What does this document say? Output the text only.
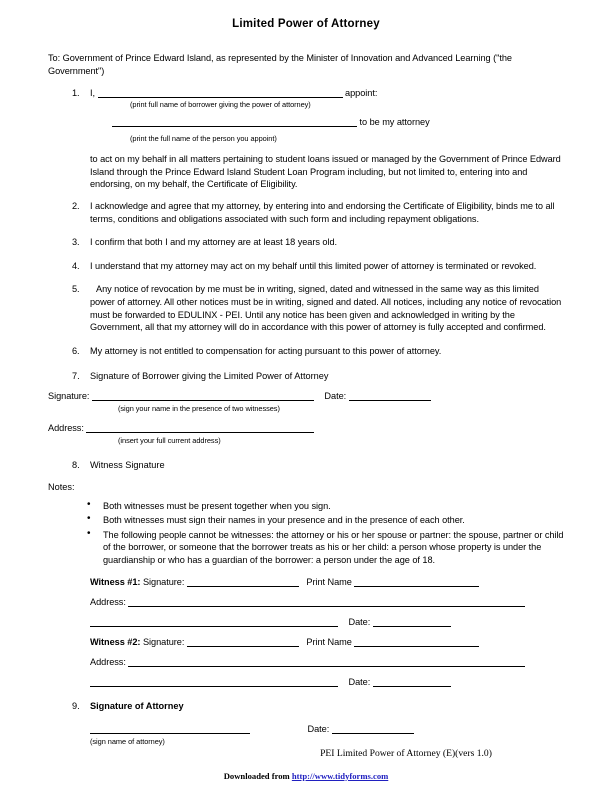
Limited Power of Attorney

To: Government of Prince Edward Island, as represented by the Minister of Innovation and Advanced Learning ("the Government")

1. I,	appoint:
(print full name of borrower giving the power of attorney)
to be my attorney
(print the full name of the person you appoint)

to act on my behalf in all matters pertaining to student loans issued or managed by the Government of Prince Edward Island through the Prince Edward Island Student Loan Program including, but not limited to, entering into and endorsing, on my behalf, the Certificate of Eligibility.

2. I acknowledge and agree that my attorney, by entering into and endorsing the Certificate of Eligibility, binds me to all terms, conditions and obligations associated with such form and including repayment obligations.

3. I confirm that both I and my attorney are at least 18 years old.

4. I understand that my attorney may act on my behalf until this limited power of attorney is terminated or revoked.

5.	Any notice of revocation by me must be in writing, signed, dated and witnessed in the same way as this limited power of attorney. All other notices must be in writing, signed and dated. All notices, including any notice of revocation must be forwarded to EDULINX - PEI. Until any notice has been given and acknowledged in writing by the Government, all that my attorney will do in accordance with this power of attorney is fully accepted and confirmed.

6. My attorney is not entitled to compensation for acting pursuant to this power of attorney.

7. Signature of Borrower giving the Limited Power of Attorney
Signature:	Date:
(sign your name in the presence of two witnesses)
Address:
(insert your full current address)
8. Witness Signature

Notes:

• Both witnesses must be present together when you sign.
• Both witnesses must sign their names in your presence and in the presence of each other.
• The following people cannot be witnesses: the attorney or his or her spouse or partner: the spouse, partner or child of the borrower, or someone that the borrower treats as his or her child: a person whose property is under the guardianship or who has a guardian of the borrower: a person under the age of 18.
Witness #1: Signature:	Print Name
Address:
Date:
Witness #2: Signature:	Print Name
Address:
Date:
9. Signature of Attorney
Date:
(sign name of attorney)
PEI Limited Power of Attorney (E)(vers 1.0)
Downloaded from http://www.tidyforms.com
